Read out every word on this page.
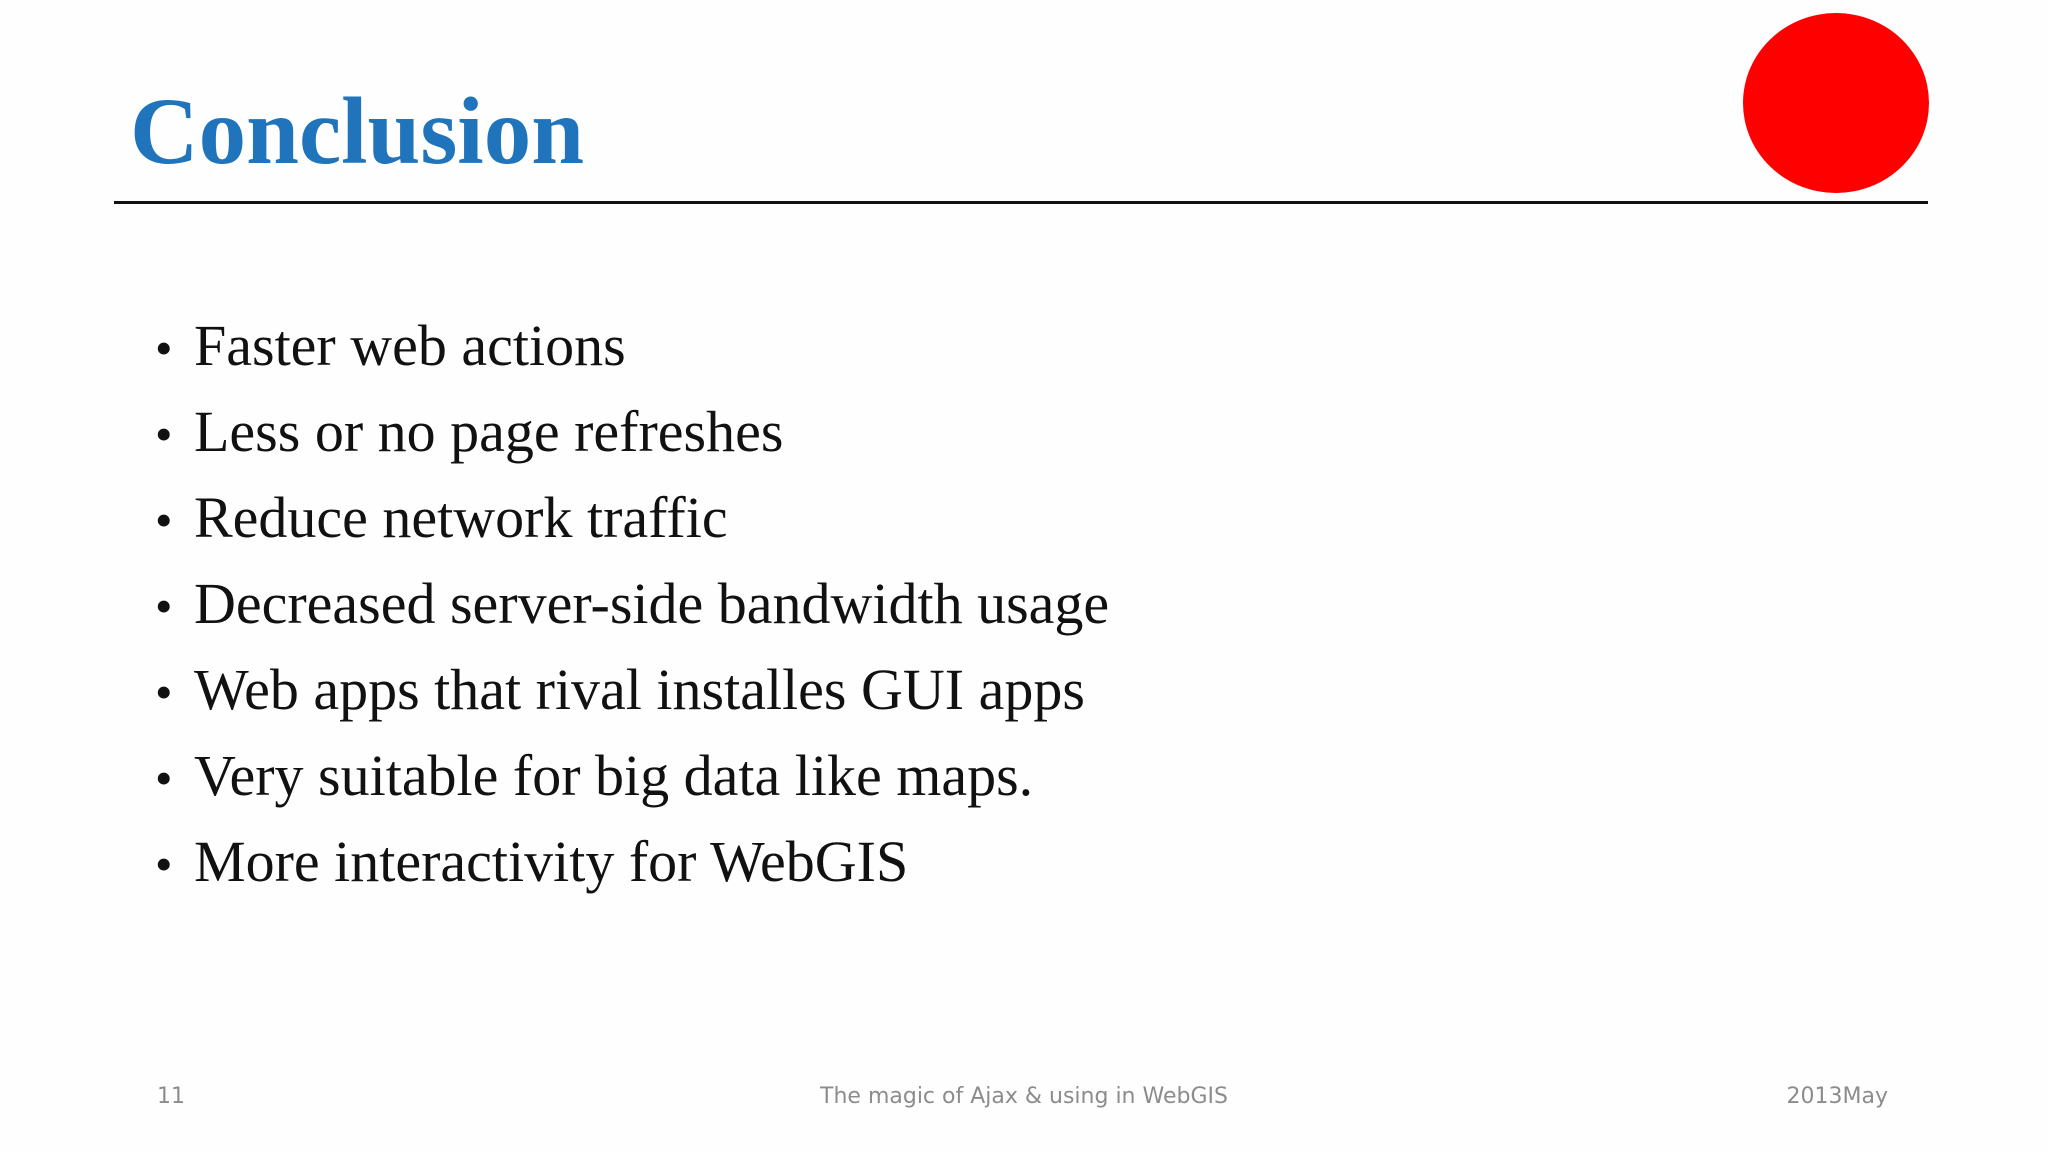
Conclusion
• Faster web actions
• Less or no page refreshes
• Reduce network traffic
• Decreased server-side bandwidth usage
• Web apps that rival installes GUI apps
• Very suitable for big data like maps.
• More interactivity for WebGIS
11	The magic of Ajax & using in WebGIS	2013May
